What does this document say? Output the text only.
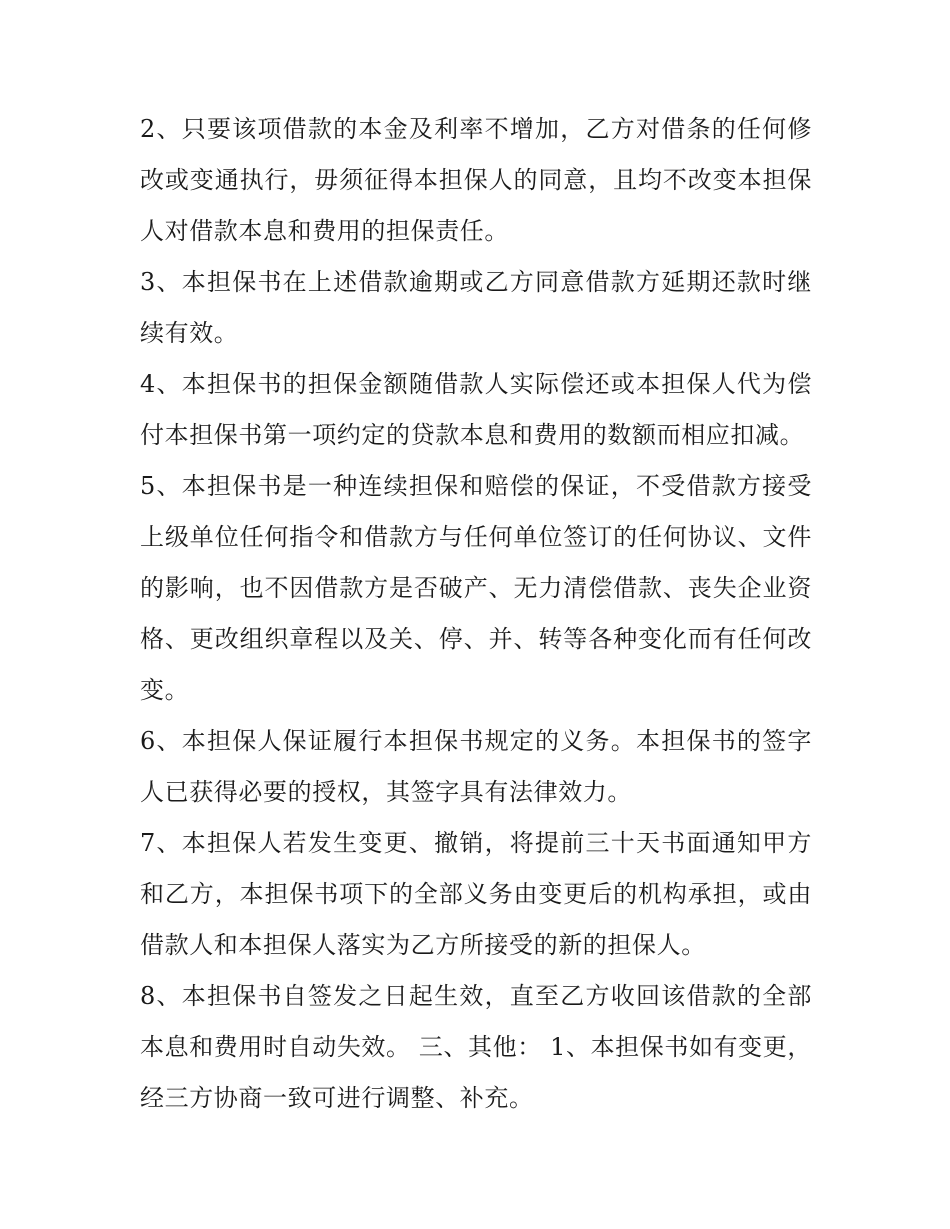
2、只要该项借款的本金及利率不增加，乙方对借条的任何修改或变通执行，毋须征得本担保人的同意，且均不改变本担保人对借款本息和费用的担保责任。

3、本担保书在上述借款逾期或乙方同意借款方延期还款时继续有效。

4、本担保书的担保金额随借款人实际偿还或本担保人代为偿付本担保书第一项约定的贷款本息和费用的数额而相应扣减。

5、本担保书是一种连续担保和赔偿的保证，不受借款方接受上级单位任何指令和借款方与任何单位签订的任何协议、文件的影响，也不因借款方是否破产、无力清偿借款、丧失企业资格、更改组织章程以及关、停、并、转等各种变化而有任何改变。

6、本担保人保证履行本担保书规定的义务。本担保书的签字人已获得必要的授权，其签字具有法律效力。

7、本担保人若发生变更、撤销，将提前三十天书面通知甲方和乙方，本担保书项下的全部义务由变更后的机构承担，或由借款人和本担保人落实为乙方所接受的新的担保人。

8、本担保书自签发之日起生效，直至乙方收回该借款的全部本息和费用时自动失效。 三、其他： 1、本担保书如有变更，经三方协商一致可进行调整、补充。
